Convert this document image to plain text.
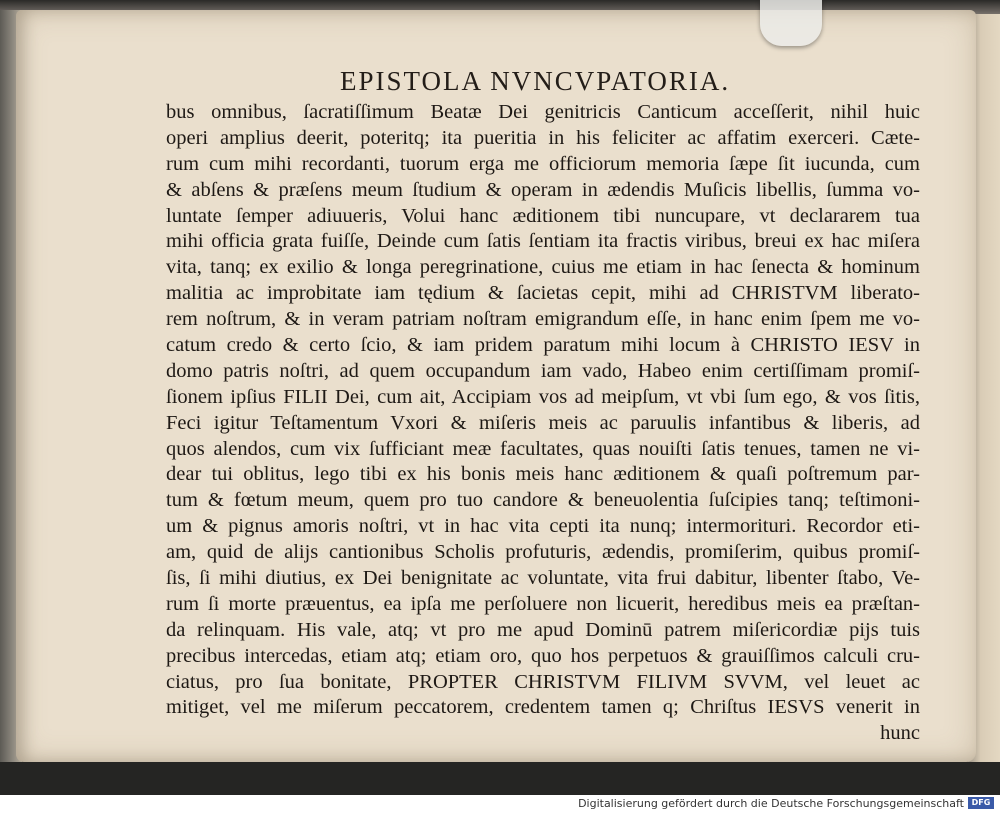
EPISTOLA NVNCVPATORIA.
bus omnibus, ſacratiſſimum Beatæ Dei genitricis Canticum acceſſerit, nihil huic
operi amplius deerit, poteritq; ita pueritia in his feliciter ac affatim exerceri. Cæte-
rum cum mihi recordanti, tuorum erga me officiorum memoria ſæpe ſit iucunda, cum
& abſens & præſens meum ſtudium & operam in ædendis Muſicis libellis, ſumma vo-
luntate ſemper adiuueris, Volui hanc æditionem tibi nuncupare, vt declararem tua
mihi officia grata fuiſſe, Deinde cum ſatis ſentiam ita fractis viribus, breui ex hac miſera
vita, tanq; ex exilio & longa peregrinatione, cuius me etiam in hac ſenecta & hominum
malitia ac improbitate iam tędium & ſacietas cepit, mihi ad CHRISTVM liberato-
rem noſtrum, & in veram patriam noſtram emigrandum eſſe, in hanc enim ſpem me vo-
catum credo & certo ſcio, & iam pridem paratum mihi locum à CHRISTO IESV in
domo patris noſtri, ad quem occupandum iam vado, Habeo enim certiſſimam promiſ-
ſionem ipſius FILII Dei, cum ait, Accipiam vos ad meipſum, vt vbi ſum ego, & vos ſitis,
Feci igitur Teſtamentum Vxori & miſeris meis ac paruulis infantibus & liberis, ad
quos alendos, cum vix ſufficiant meæ facultates, quas nouiſti ſatis tenues, tamen ne vi-
dear tui oblitus, lego tibi ex his bonis meis hanc æditionem & quaſi poſtremum par-
tum & fœtum meum, quem pro tuo candore & beneuolentia ſuſcipies tanq; teſtimoni-
um & pignus amoris noſtri, vt in hac vita cepti ita nunq; intermorituri. Recordor eti-
am, quid de alijs cantionibus Scholis profuturis, ædendis, promiſerim, quibus promiſ-
ſis, ſi mihi diutius, ex Dei benignitate ac voluntate, vita frui dabitur, libenter ſtabo, Ve-
rum ſi morte præuentus, ea ipſa me perſoluere non licuerit, heredibus meis ea præſtan-
da relinquam. His vale, atq; vt pro me apud Dominū patrem miſericordiæ pijs tuis
precibus intercedas, etiam atq; etiam oro, quo hos perpetuos & grauiſſimos calculi cru-
ciatus, pro ſua bonitate, PROPTER CHRISTVM FILIVM SVVM, vel leuet ac
mitiget, vel me miſerum peccatorem, credentem tamen q; Chriſtus IESVS venerit in
hunc
Digitalisierung gefördert durch die Deutsche Forschungsgemeinschaft DFG
